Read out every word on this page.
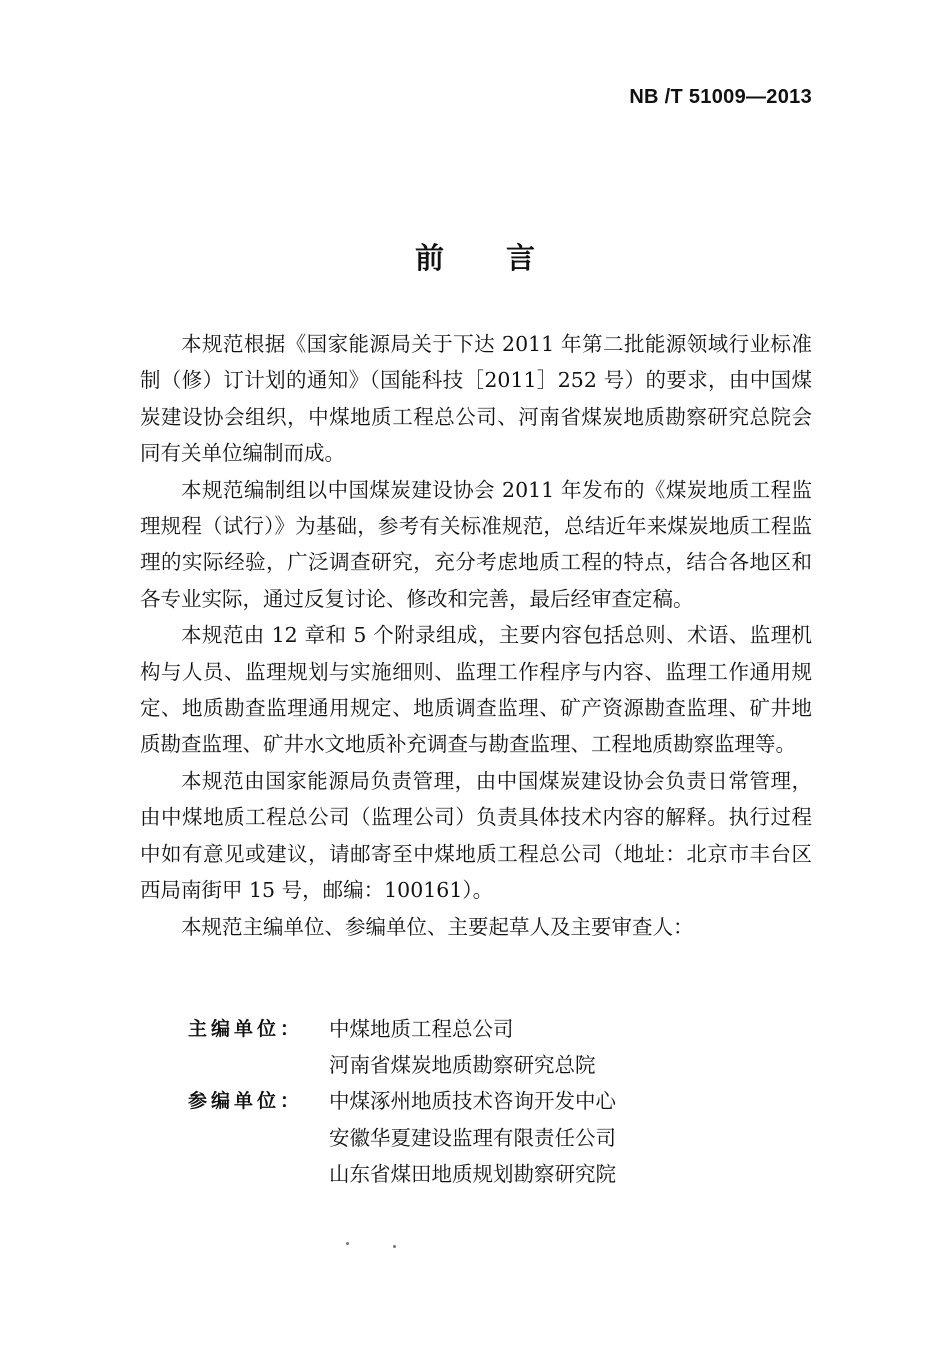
NB /T 51009—2013
前言

本规范根据《国家能源局关于下达 2011 年第二批能源领域行业标准制（修）订计划的通知》（国能科技［2011］252 号）的要求，由中国煤炭建设协会组织，中煤地质工程总公司、河南省煤炭地质勘察研究总院会同有关单位编制而成。

本规范编制组以中国煤炭建设协会 2011 年发布的《煤炭地质工程监理规程（试行）》为基础，参考有关标准规范，总结近年来煤炭地质工程监理的实际经验，广泛调查研究，充分考虑地质工程的特点，结合各地区和各专业实际，通过反复讨论、修改和完善，最后经审查定稿。

本规范由 12 章和 5 个附录组成，主要内容包括总则、术语、监理机构与人员、监理规划与实施细则、监理工作程序与内容、监理工作通用规定、地质勘查监理通用规定、地质调查监理、矿产资源勘查监理、矿井地质勘查监理、矿井水文地质补充调查与勘查监理、工程地质勘察监理等。

本规范由国家能源局负责管理，由中国煤炭建设协会负责日常管理，由中煤地质工程总公司（监理公司）负责具体技术内容的解释。执行过程中如有意见或建议，请邮寄至中煤地质工程总公司（地址：北京市丰台区西局南街甲 15 号，邮编：100161）。

本规范主编单位、参编单位、主要起草人及主要审查人：

主编单位：	中煤地质工程总公司
河南省煤炭地质勘察研究总院
参编单位：	中煤涿州地质技术咨询开发中心
安徽华夏建设监理有限责任公司
山东省煤田地质规划勘察研究院
